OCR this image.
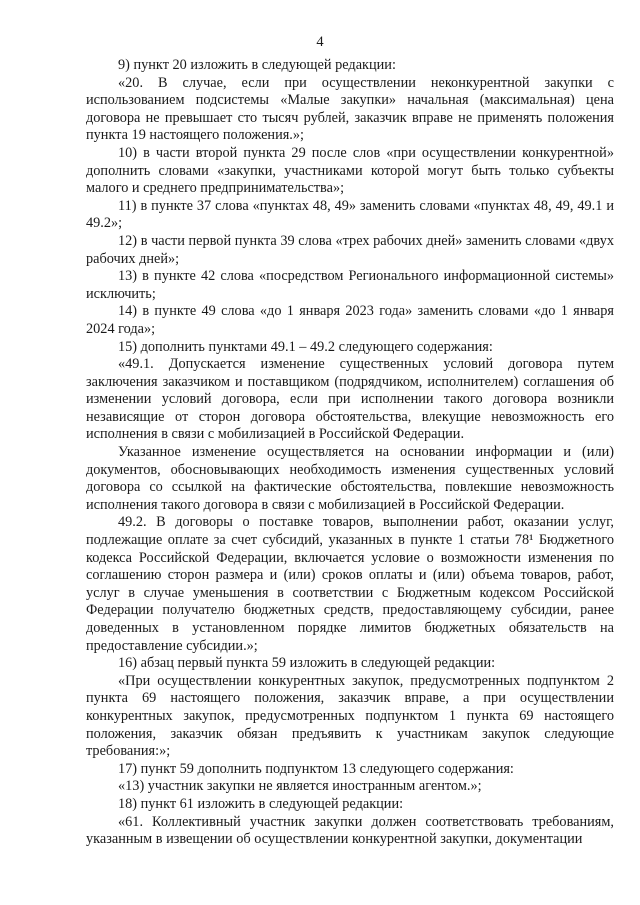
4

9) пункт 20 изложить в следующей редакции:

«20. В случае, если при осуществлении неконкурентной закупки с использованием подсистемы «Малые закупки» начальная (максимальная) цена договора не превышает сто тысяч рублей, заказчик вправе не применять положения пункта 19 настоящего положения.»;

10) в части второй пункта 29 после слов «при осуществлении конкурентной» дополнить словами «закупки, участниками которой могут быть только субъекты малого и среднего предпринимательства»;

11) в пункте 37 слова «пунктах 48, 49» заменить словами «пунктах 48, 49, 49.1 и 49.2»;

12) в части первой пункта 39 слова «трех рабочих дней» заменить словами «двух рабочих дней»;

13) в пункте 42 слова «посредством Регионального информационной системы» исключить;

14) в пункте 49 слова «до 1 января 2023 года» заменить словами «до 1 января 2024 года»;

15) дополнить пунктами 49.1 – 49.2 следующего содержания:

«49.1. Допускается изменение существенных условий договора путем заключения заказчиком и поставщиком (подрядчиком, исполнителем) соглашения об изменении условий договора, если при исполнении такого договора возникли независящие от сторон договора обстоятельства, влекущие невозможность его исполнения в связи с мобилизацией в Российской Федерации.

Указанное изменение осуществляется на основании информации и (или) документов, обосновывающих необходимость изменения существенных условий договора со ссылкой на фактические обстоятельства, повлекшие невозможность исполнения такого договора в связи с мобилизацией в Российской Федерации.

49.2. В договоры о поставке товаров, выполнении работ, оказании услуг, подлежащие оплате за счет субсидий, указанных в пункте 1 статьи 78¹ Бюджетного кодекса Российской Федерации, включается условие о возможности изменения по соглашению сторон размера и (или) сроков оплаты и (или) объема товаров, работ, услуг в случае уменьшения в соответствии с Бюджетным кодексом Российской Федерации получателю бюджетных средств, предоставляющему субсидии, ранее доведенных в установленном порядке лимитов бюджетных обязательств на предоставление субсидии.»;

16) абзац первый пункта 59 изложить в следующей редакции:

«При осуществлении конкурентных закупок, предусмотренных подпунктом 2 пункта 69 настоящего положения, заказчик вправе, а при осуществлении конкурентных закупок, предусмотренных подпунктом 1 пункта 69 настоящего положения, заказчик обязан предъявить к участникам закупок следующие требования:»;

17) пункт 59 дополнить подпунктом 13 следующего содержания:

«13) участник закупки не является иностранным агентом.»;

18) пункт 61 изложить в следующей редакции:

«61. Коллективный участник закупки должен соответствовать требованиям, указанным в извещении об осуществлении конкурентной закупки, документации
